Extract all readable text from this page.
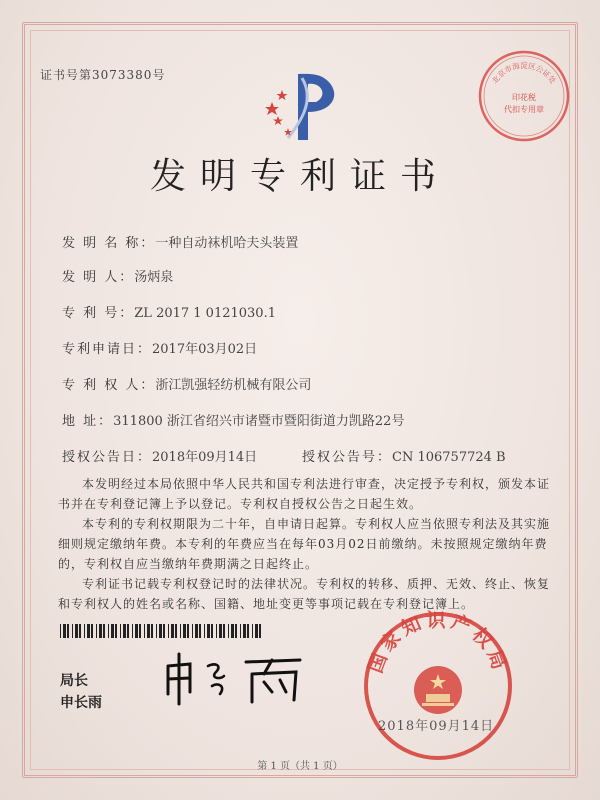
证书号第3073380号	北京市海淀区公证处
印花税
代扣专用章
发明专利证书
发 明 名 称：一种自动袜机哈夫头装置
发 明 人：汤炳泉
专 利 号：ZL 2017 1 0121030.1
专利申请日：2017年03月02日
专 利 权 人：浙江凯强轻纺机械有限公司
地 址：311800 浙江省绍兴市诸暨市暨阳街道力凯路22号
授权公告日：2018年09月14日	授权公告号：CN 106757724 B

本发明经过本局依照中华人民共和国专利法进行审查，决定授予专利权，颁发本证书并在专利登记簿上予以登记。专利权自授权公告之日起生效。

本专利的专利权期限为二十年，自申请日起算。专利权人应当依照专利法及其实施细则规定缴纳年费。本专利的年费应当在每年03月02日前缴纳。未按照规定缴纳年费的，专利权自应当缴纳年费期满之日起终止。

专利证书记载专利权登记时的法律状况。专利权的转移、质押、无效、终止、恢复和专利权人的姓名或名称、国籍、地址变更等事项记载在专利登记簿上。

局长
申长雨
国家知识产权局
2018年09月14日
第 1 页（共 1 页）
